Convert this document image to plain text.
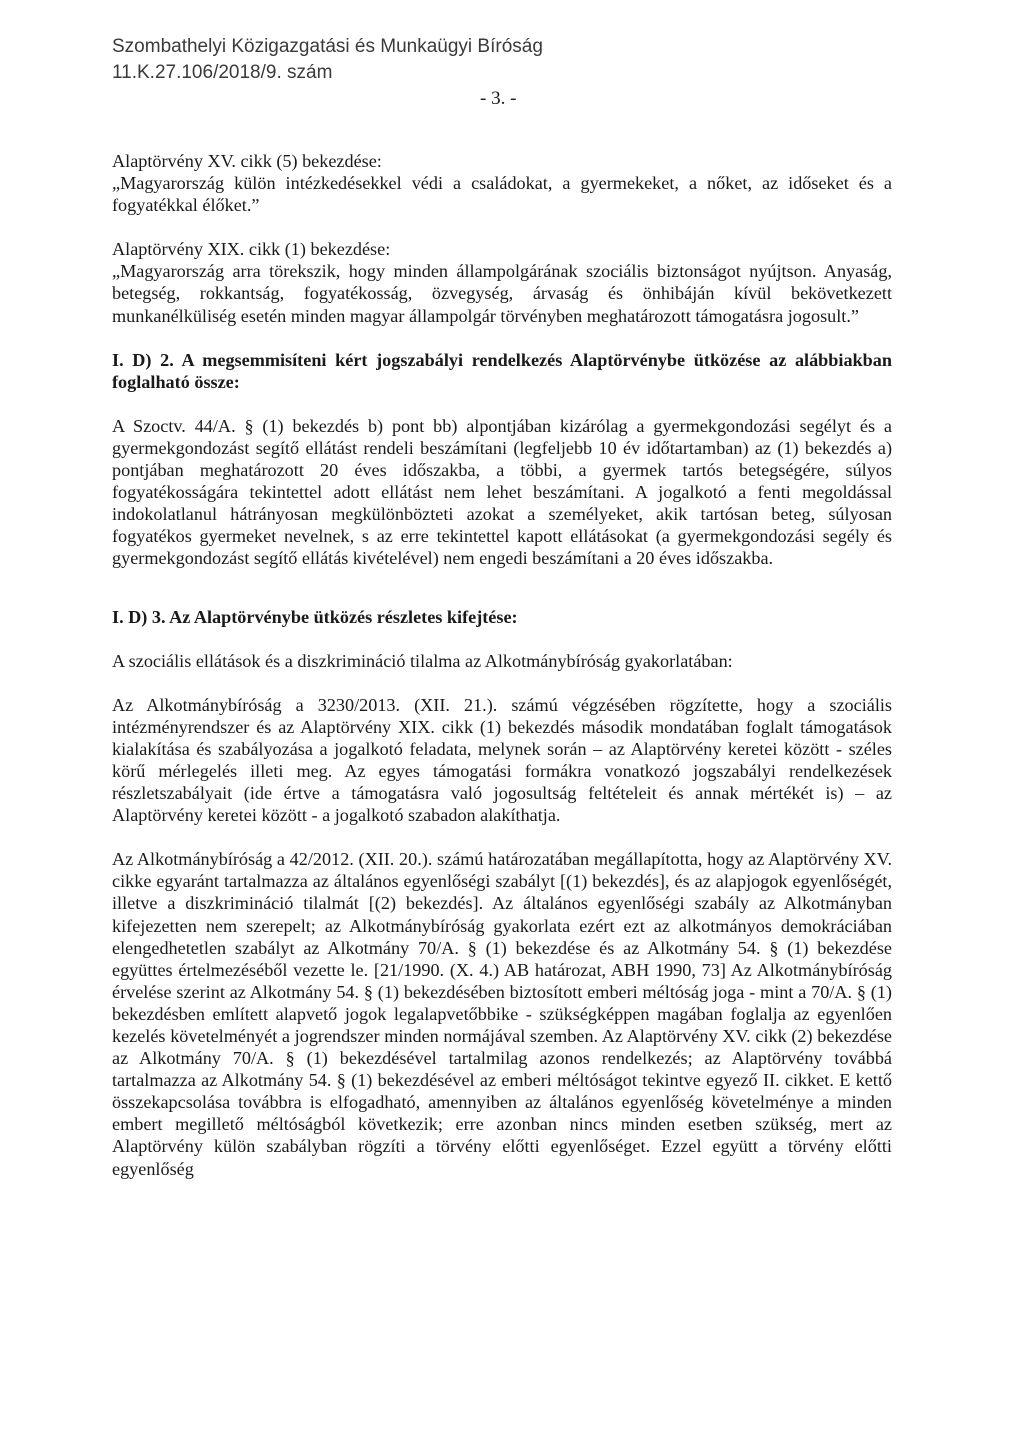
Szombathelyi Közigazgatási és Munkaügyi Bíróság
11.K.27.106/2018/9. szám
- 3. -

Alaptörvény XV. cikk (5) bekezdése:

„Magyarország külön intézkedésekkel védi a családokat, a gyermekeket, a nőket, az időseket és a fogyatékkal élőket.”

Alaptörvény XIX. cikk (1) bekezdése:

„Magyarország arra törekszik, hogy minden állampolgárának szociális biztonságot nyújtson. Anyaság, betegség, rokkantság, fogyatékosság, özvegység, árvaság és önhibáján kívül bekövetkezett munkanélküliség esetén minden magyar állampolgár törvényben meghatározott támogatásra jogosult.”

I. D) 2. A megsemmisíteni kért jogszabályi rendelkezés Alaptörvénybe ütközése az alábbiakban foglalható össze:

A Szoctv. 44/A. § (1) bekezdés b) pont bb) alpontjában kizárólag a gyermekgondozási segélyt és a gyermekgondozást segítő ellátást rendeli beszámítani (legfeljebb 10 év időtartamban) az (1) bekezdés a) pontjában meghatározott 20 éves időszakba, a többi, a gyermek tartós betegségére, súlyos fogyatékosságára tekintettel adott ellátást nem lehet beszámítani. A jogalkotó a fenti megoldással indokolatlanul hátrányosan megkülönbözteti azokat a személyeket, akik tartósan beteg, súlyosan fogyatékos gyermeket nevelnek, s az erre tekintettel kapott ellátásokat (a gyermekgondozási segély és gyermekgondozást segítő ellátás kivételével) nem engedi beszámítani a 20 éves időszakba.

I. D) 3. Az Alaptörvénybe ütközés részletes kifejtése:

A szociális ellátások és a diszkrimináció tilalma az Alkotmánybíróság gyakorlatában:

Az Alkotmánybíróság a 3230/2013. (XII. 21.). számú végzésében rögzítette, hogy a szociális intézményrendszer és az Alaptörvény XIX. cikk (1) bekezdés második mondatában foglalt támogatások kialakítása és szabályozása a jogalkotó feladata, melynek során – az Alaptörvény keretei között - széles körű mérlegelés illeti meg. Az egyes támogatási formákra vonatkozó jogszabályi rendelkezések részletszabályait (ide értve a támogatásra való jogosultság feltételeit és annak mértékét is) – az Alaptörvény keretei között - a jogalkotó szabadon alakíthatja.

Az Alkotmánybíróság a 42/2012. (XII. 20.). számú határozatában megállapította, hogy az Alaptörvény XV. cikke egyaránt tartalmazza az általános egyenlőségi szabályt [(1) bekezdés], és az alapjogok egyenlőségét, illetve a diszkrimináció tilalmát [(2) bekezdés]. Az általános egyenlőségi szabály az Alkotmányban kifejezetten nem szerepelt; az Alkotmánybíróság gyakorlata ezért ezt az alkotmányos demokráciában elengedhetetlen szabályt az Alkotmány 70/A. § (1) bekezdése és az Alkotmány 54. § (1) bekezdése együttes értelmezéséből vezette le. [21/1990. (X. 4.) AB határozat, ABH 1990, 73] Az Alkotmánybíróság érvelése szerint az Alkotmány 54. § (1) bekezdésében biztosított emberi méltóság joga - mint a 70/A. § (1) bekezdésben említett alapvető jogok legalapvetőbbike - szükségképpen magában foglalja az egyenlően kezelés követelményét a jogrendszer minden normájával szemben. Az Alaptörvény XV. cikk (2) bekezdése az Alkotmány 70/A. § (1) bekezdésével tartalmilag azonos rendelkezés; az Alaptörvény továbbá tartalmazza az Alkotmány 54. § (1) bekezdésével az emberi méltóságot tekintve egyező II. cikket. E kettő összekapcsolása továbbra is elfogadható, amennyiben az általános egyenlőség követelménye a minden embert megillető méltóságból következik; erre azonban nincs minden esetben szükség, mert az Alaptörvény külön szabályban rögzíti a törvény előtti egyenlőséget. Ezzel együtt a törvény előtti egyenlőség
